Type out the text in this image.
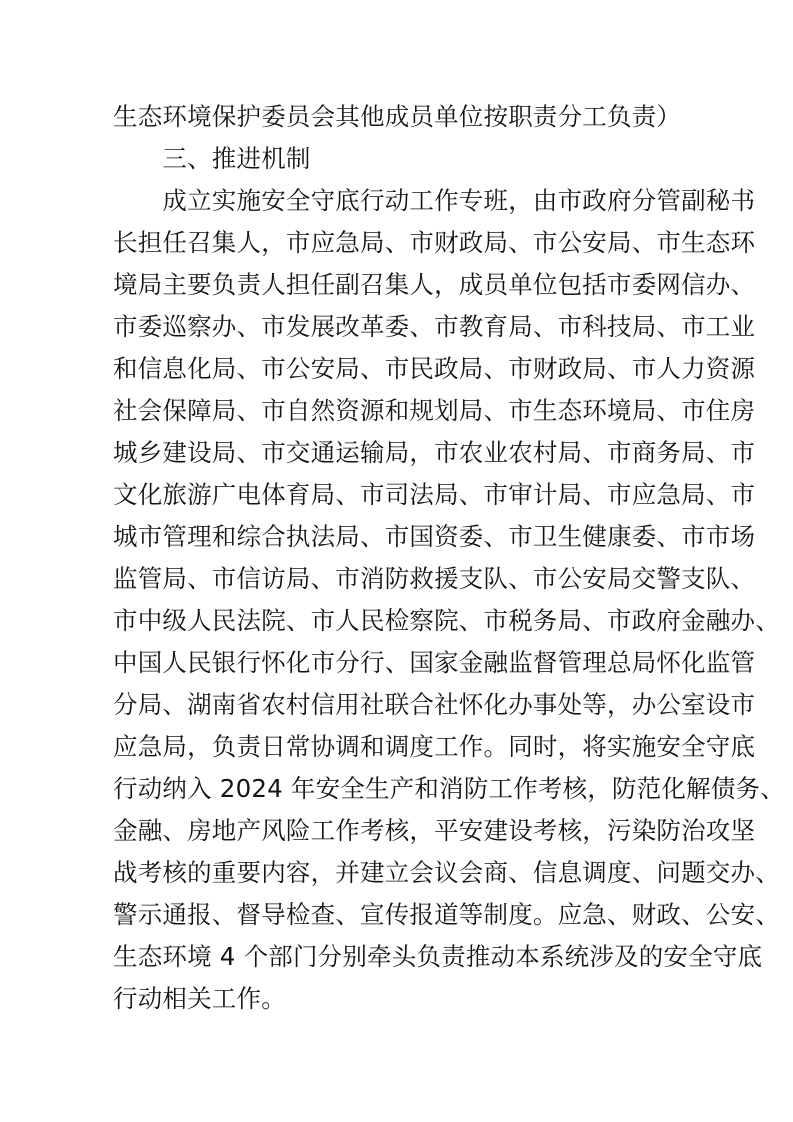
生态环境保护委员会其他成员单位按职责分工负责）
　　三、推进机制
　　成立实施安全守底行动工作专班，由市政府分管副秘书
长担任召集人，市应急局、市财政局、市公安局、市生态环
境局主要负责人担任副召集人，成员单位包括市委网信办、
市委巡察办、市发展改革委、市教育局、市科技局、市工业
和信息化局、市公安局、市民政局、市财政局、市人力资源
社会保障局、市自然资源和规划局、市生态环境局、市住房
城乡建设局、市交通运输局，市农业农村局、市商务局、市
文化旅游广电体育局、市司法局、市审计局、市应急局、市
城市管理和综合执法局、市国资委、市卫生健康委、市市场
监管局、市信访局、市消防救援支队、市公安局交警支队、
市中级人民法院、市人民检察院、市税务局、市政府金融办、
中国人民银行怀化市分行、国家金融监督管理总局怀化监管
分局、湖南省农村信用社联合社怀化办事处等，办公室设市
应急局，负责日常协调和调度工作。同时，将实施安全守底
行动纳入 2024 年安全生产和消防工作考核，防范化解债务、
金融、房地产风险工作考核，平安建设考核，污染防治攻坚
战考核的重要内容，并建立会议会商、信息调度、问题交办、
警示通报、督导检查、宣传报道等制度。应急、财政、公安、
生态环境 4 个部门分别牵头负责推动本系统涉及的安全守底
行动相关工作。
